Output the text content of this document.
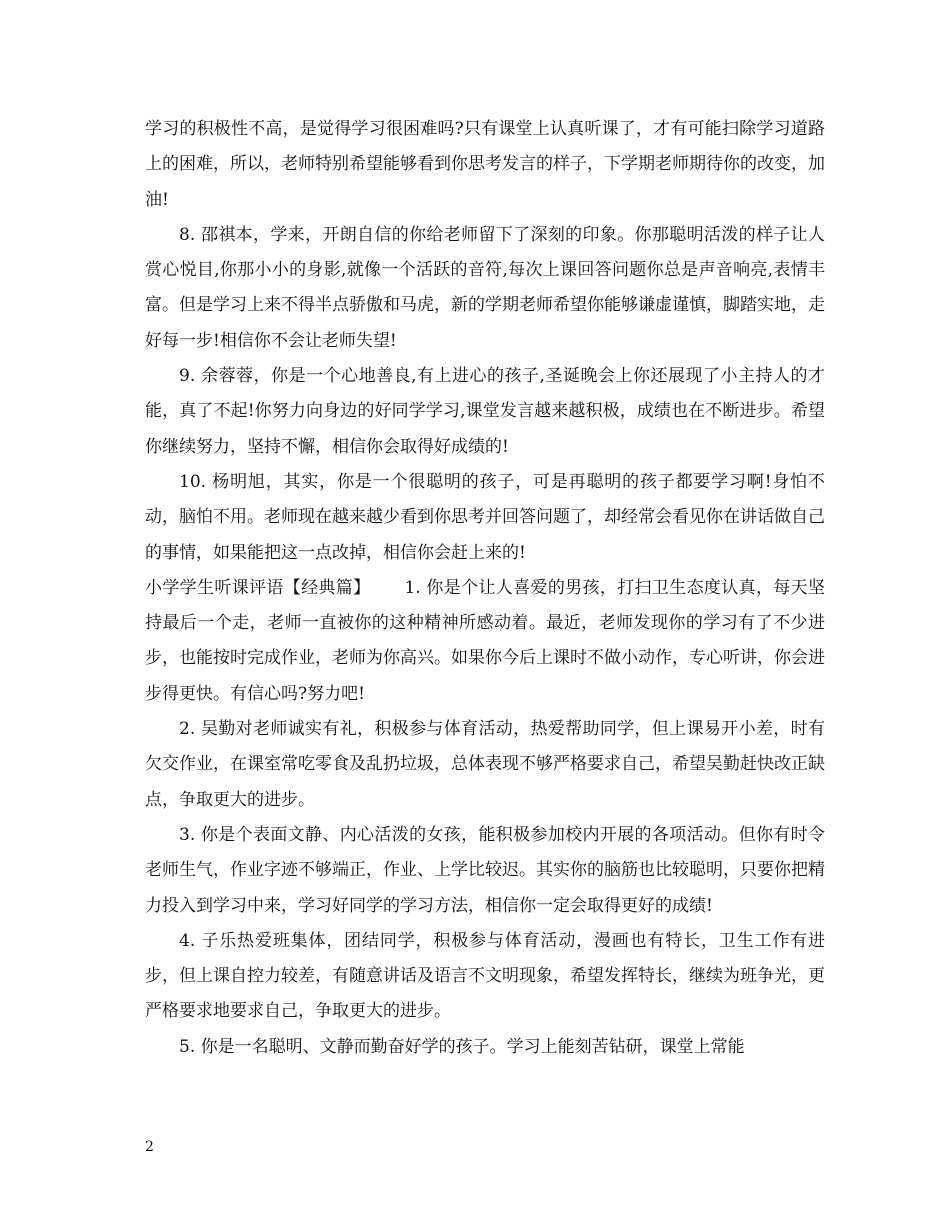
学习的积极性不高，是觉得学习很困难吗?只有课堂上认真听课了，才有可能扫除学习道路上的困难，所以，老师特别希望能够看到你思考发言的样子，下学期老师期待你的改变，加油!

8. 邵祺本，学来，开朗自信的你给老师留下了深刻的印象。你那聪明活泼的样子让人赏心悦目,你那小小的身影,就像一个活跃的音符,每次上课回答问题你总是声音响亮,表情丰富。但是学习上来不得半点骄傲和马虎，新的学期老师希望你能够谦虚谨慎，脚踏实地，走好每一步!相信你不会让老师失望!

9. 余蓉蓉，你是一个心地善良,有上进心的孩子,圣诞晚会上你还展现了小主持人的才能，真了不起!你努力向身边的好同学学习,课堂发言越来越积极，成绩也在不断进步。希望你继续努力，坚持不懈，相信你会取得好成绩的!

10. 杨明旭，其实，你是一个很聪明的孩子，可是再聪明的孩子都要学习啊!身怕不动，脑怕不用。老师现在越来越少看到你思考并回答问题了，却经常会看见你在讲话做自己的事情，如果能把这一点改掉，相信你会赶上来的!

小学学生听课评语【经典篇】 1. 你是个让人喜爱的男孩，打扫卫生态度认真，每天坚持最后一个走，老师一直被你的这种精神所感动着。最近，老师发现你的学习有了不少进步，也能按时完成作业，老师为你高兴。如果你今后上课时不做小动作，专心听讲，你会进步得更快。有信心吗?努力吧!

2. 吴勤对老师诚实有礼，积极参与体育活动，热爱帮助同学，但上课易开小差，时有欠交作业，在课室常吃零食及乱扔垃圾，总体表现不够严格要求自己，希望吴勤赶快改正缺点，争取更大的进步。

3. 你是个表面文静、内心活泼的女孩，能积极参加校内开展的各项活动。但你有时令老师生气，作业字迹不够端正，作业、上学比较迟。其实你的脑筋也比较聪明，只要你把精力投入到学习中来，学习好同学的学习方法，相信你一定会取得更好的成绩!

4. 子乐热爱班集体，团结同学，积极参与体育活动，漫画也有特长，卫生工作有进步，但上课自控力较差，有随意讲话及语言不文明现象，希望发挥特长，继续为班争光，更严格要求地要求自己，争取更大的进步。

5. 你是一名聪明、文静而勤奋好学的孩子。学习上能刻苦钻研，课堂上常能

2
